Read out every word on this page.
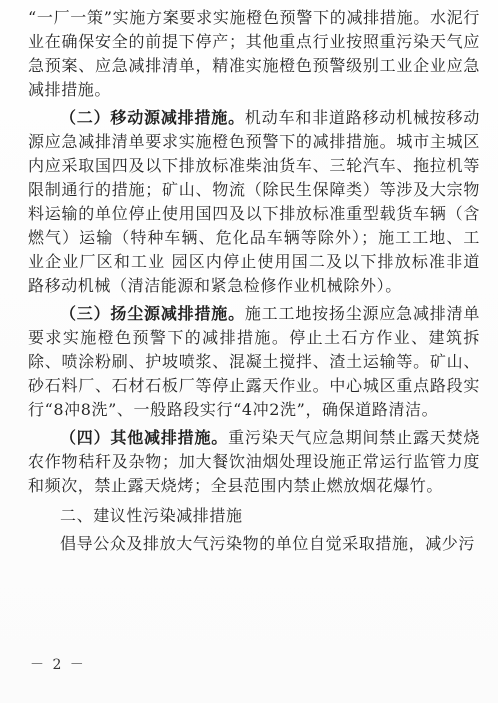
“一厂一策”实施方案要求实施橙色预警下的减排措施。水泥行业在确保安全的前提下停产；其他重点行业按照重污染天气应急预案、应急减排清单，精准实施橙色预警级别工业企业应急减排措施。

（二）移动源减排措施。机动车和非道路移动机械按移动源应急减排清单要求实施橙色预警下的减排措施。城市主城区内应采取国四及以下排放标准柴油货车、三轮汽车、拖拉机等限制通行的措施；矿山、物流（除民生保障类）等涉及大宗物料运输的单位停止使用国四及以下排放标准重型载货车辆（含燃气）运输（特种车辆、危化品车辆等除外）；施工工地、工业企业厂区和工业 园区内停止使用国二及以下排放标准非道路移动机械（清洁能源和紧急检修作业机械除外）。

（三）扬尘源减排措施。施工工地按扬尘源应急减排清单要求实施橙色预警下的减排措施。停止土石方作业、建筑拆除、喷涂粉刷、护坡喷浆、混凝土搅拌、渣土运输等。矿山、砂石料厂、石材石板厂等停止露天作业。中心城区重点路段实行“8冲8洗”、一般路段实行“4冲2洗”，确保道路清洁。

（四）其他减排措施。重污染天气应急期间禁止露天焚烧农作物秸秆及杂物；加大餐饮油烟处理设施正常运行监管力度和频次，禁止露天烧烤；全县范围内禁止燃放烟花爆竹。

二、建议性污染减排措施

倡导公众及排放大气污染物的单位自觉采取措施，减少污

－ 2 －
